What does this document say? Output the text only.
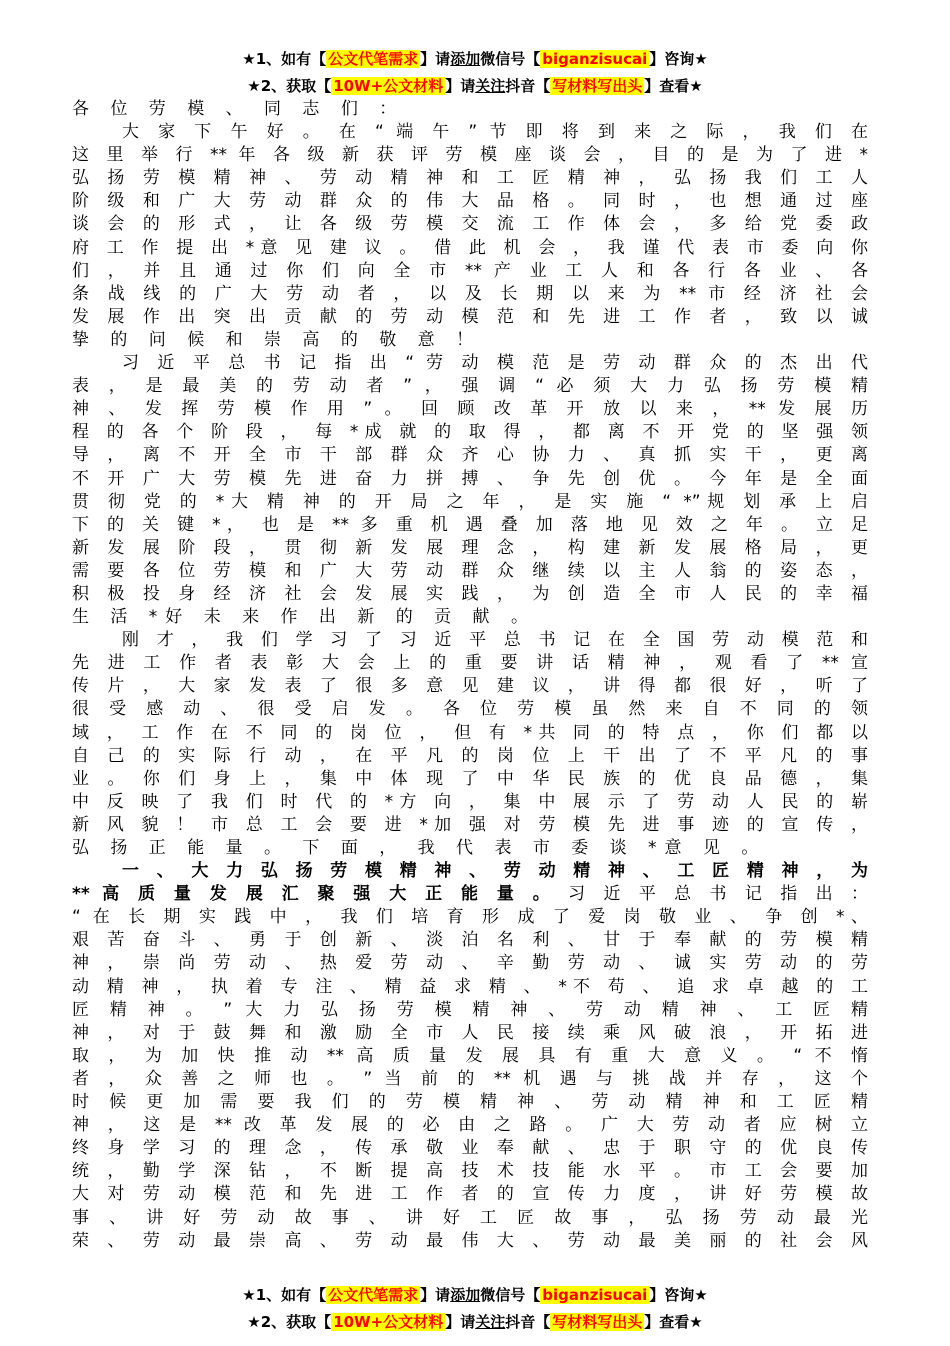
★1、如有【 公文代笔需求 】请添加微信号【 biganzisucai 】咨询★
★2、获取【 10W+公文材料 】请关注抖音【 写材料写出头 】查看★
各 位 劳 模 、 同 志 们 ：
大 家 下 午 好 。 在 “ 端 午 ” 节 即 将 到 来 之 际 ， 我 们 在
这 里 举 行 ** 年 各 级 新 获 评 劳 模 座 谈 会 ， 目 的 是 为 了 进 *
弘 扬 劳 模 精 神 、 劳 动 精 神 和 工 匠 精 神 ， 弘 扬 我 们 工 人
阶 级 和 广 大 劳 动 群 众 的 伟 大 品 格 。 同 时 ， 也 想 通 过 座
谈 会 的 形 式 ， 让 各 级 劳 模 交 流 工 作 体 会 ， 多 给 党 委 政
府 工 作 提 出 *意 见 建 议 。 借 此 机 会 ， 我 谨 代 表 市 委 向 你
们 ， 并 且 通 过 你 们 向 全 市 ** 产 业 工 人 和 各 行 各 业 、 各
条 战 线 的 广 大 劳 动 者 ， 以 及 长 期 以 来 为 ** 市 经 济 社 会
发 展 作 出 突 出 贡 献 的 劳 动 模 范 和 先 进 工 作 者 ， 致 以 诚
挚 的 问 候 和 崇 高 的 敬 意 ！
习 近 平 总 书 记 指 出 “ 劳 动 模 范 是 劳 动 群 众 的 杰 出 代
表 ， 是 最 美 的 劳 动 者 ” ， 强 调 “ 必 须 大 力 弘 扬 劳 模 精
神 、 发 挥 劳 模 作 用 ” 。 回 顾 改 革 开 放 以 来 ， ** 发 展 历
程 的 各 个 阶 段 ， 每 *成 就 的 取 得 ， 都 离 不 开 党 的 坚 强 领
导 ， 离 不 开 全 市 干 部 群 众 齐 心 协 力 、 真 抓 实 干 ， 更 离
不 开 广 大 劳 模 先 进 奋 力 拼 搏 、 争 先 创 优 。 今 年 是 全 面
贯 彻 党 的 *大 精 神 的 开 局 之 年 ， 是 实 施 “ *”规 划 承 上 启
下 的 关 键 *， 也 是 ** 多 重 机 遇 叠 加 落 地 见 效 之 年 。 立 足
新 发 展 阶 段 ， 贯 彻 新 发 展 理 念 ， 构 建 新 发 展 格 局 ， 更
需 要 各 位 劳 模 和 广 大 劳 动 群 众 继 续 以 主 人 翁 的 姿 态 ，
积 极 投 身 经 济 社 会 发 展 实 践 ， 为 创 造 全 市 人 民 的 幸 福
生 活 *好 未 来 作 出 新 的 贡 献 。
刚 才 ， 我 们 学 习 了 习 近 平 总 书 记 在 全 国 劳 动 模 范 和
先 进 工 作 者 表 彰 大 会 上 的 重 要 讲 话 精 神 ， 观 看 了 ** 宣
传 片 ， 大 家 发 表 了 很 多 意 见 建 议 ， 讲 得 都 很 好 ， 听 了
很 受 感 动 、 很 受 启 发 。 各 位 劳 模 虽 然 来 自 不 同 的 领
域 ， 工 作 在 不 同 的 岗 位 ， 但 有 *共 同 的 特 点 ， 你 们 都 以
自 己 的 实 际 行 动 ， 在 平 凡 的 岗 位 上 干 出 了 不 平 凡 的 事
业 。 你 们 身 上 ， 集 中 体 现 了 中 华 民 族 的 优 良 品 德 ， 集
中 反 映 了 我 们 时 代 的 *方 向 ， 集 中 展 示 了 劳 动 人 民 的 崭
新 风 貌 ！ 市 总 工 会 要 进 *加 强 对 劳 模 先 进 事 迹 的 宣 传 ，
弘 扬 正 能 量 。 下 面 ， 我 代 表 市 委 谈 *意 见 。
一 、 大 力 弘 扬 劳 模 精 神 、 劳 动 精 神 、 工 匠 精 神 ， 为
** 高 质 量 发 展 汇 聚 强 大 正 能 量 。 习 近 平 总 书 记 指 出 ：
“ 在 长 期 实 践 中 ， 我 们 培 育 形 成 了 爱 岗 敬 业 、 争 创 *、
艰 苦 奋 斗 、 勇 于 创 新 、 淡 泊 名 利 、 甘 于 奉 献 的 劳 模 精
神 ， 崇 尚 劳 动 、 热 爱 劳 动 、 辛 勤 劳 动 、 诚 实 劳 动 的 劳
动 精 神 ， 执 着 专 注 、 精 益 求 精 、 *不 苟 、 追 求 卓 越 的 工
匠 精 神 。 ” 大 力 弘 扬 劳 模 精 神 、 劳 动 精 神 、 工 匠 精
神 ， 对 于 鼓 舞 和 激 励 全 市 人 民 接 续 乘 风 破 浪 ， 开 拓 进
取 ， 为 加 快 推 动 ** 高 质 量 发 展 具 有 重 大 意 义 。 “ 不 惰
者 ， 众 善 之 师 也 。 ” 当 前 的 ** 机 遇 与 挑 战 并 存 ， 这 个
时 候 更 加 需 要 我 们 的 劳 模 精 神 、 劳 动 精 神 和 工 匠 精
神 ， 这 是 ** 改 革 发 展 的 必 由 之 路 。 广 大 劳 动 者 应 树 立
终 身 学 习 的 理 念 ， 传 承 敬 业 奉 献 、 忠 于 职 守 的 优 良 传
统 ， 勤 学 深 钻 ， 不 断 提 高 技 术 技 能 水 平 。 市 工 会 要 加
大 对 劳 动 模 范 和 先 进 工 作 者 的 宣 传 力 度 ， 讲 好 劳 模 故
事 、 讲 好 劳 动 故 事 、 讲 好 工 匠 故 事 ， 弘 扬 劳 动 最 光
荣 、 劳 动 最 崇 高 、 劳 动 最 伟 大 、 劳 动 最 美 丽 的 社 会 风
★1、如有【 公文代笔需求 】请添加微信号【 biganzisucai 】咨询★
★2、获取【 10W+公文材料 】请关注抖音【 写材料写出头 】查看★
